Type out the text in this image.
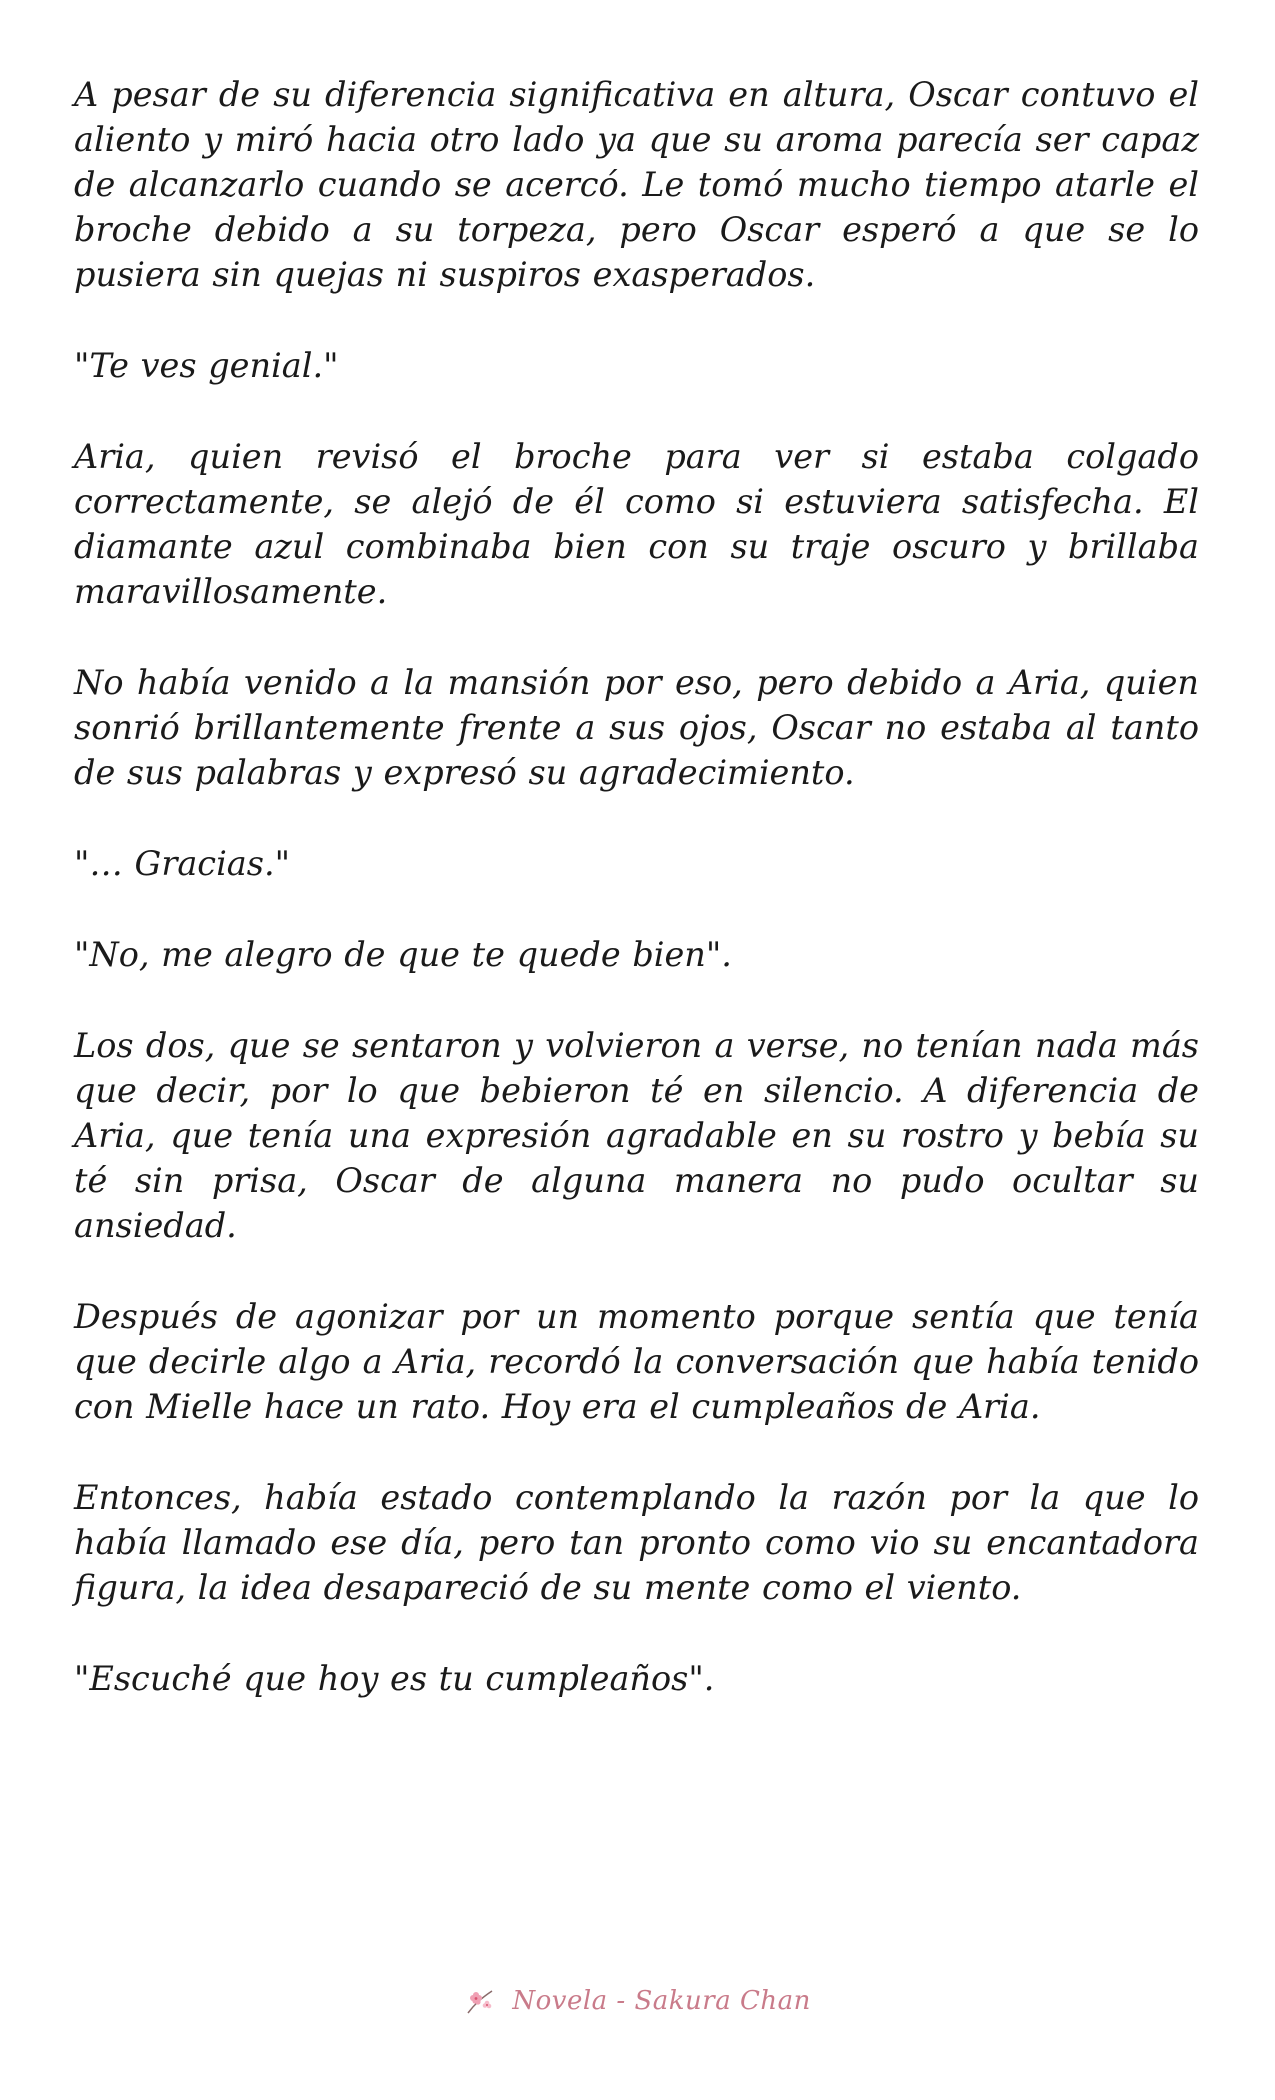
A pesar de su diferencia significativa en altura, Oscar contuvo el aliento y miró hacia otro lado ya que su aroma parecía ser capaz de alcanzarlo cuando se acercó. Le tomó mucho tiempo atarle el broche debido a su torpeza, pero Oscar esperó a que se lo pusiera sin quejas ni suspiros exasperados.

"Te ves genial."

Aria, quien revisó el broche para ver si estaba colgado correctamente, se alejó de él como si estuviera satisfecha. El diamante azul combinaba bien con su traje oscuro y brillaba maravillosamente.

No había venido a la mansión por eso, pero debido a Aria, quien sonrió brillantemente frente a sus ojos, Oscar no estaba al tanto de sus palabras y expresó su agradecimiento.

"… Gracias."

"No, me alegro de que te quede bien".

Los dos, que se sentaron y volvieron a verse, no tenían nada más que decir, por lo que bebieron té en silencio. A diferencia de Aria, que tenía una expresión agradable en su rostro y bebía su té sin prisa, Oscar de alguna manera no pudo ocultar su ansiedad.

Después de agonizar por un momento porque sentía que tenía que decirle algo a Aria, recordó la conversación que había tenido con Mielle hace un rato. Hoy era el cumpleaños de Aria.

Entonces, había estado contemplando la razón por la que lo había llamado ese día, pero tan pronto como vio su encantadora figura, la idea desapareció de su mente como el viento.

"Escuché que hoy es tu cumpleaños".

Novela - Sakura Chan
